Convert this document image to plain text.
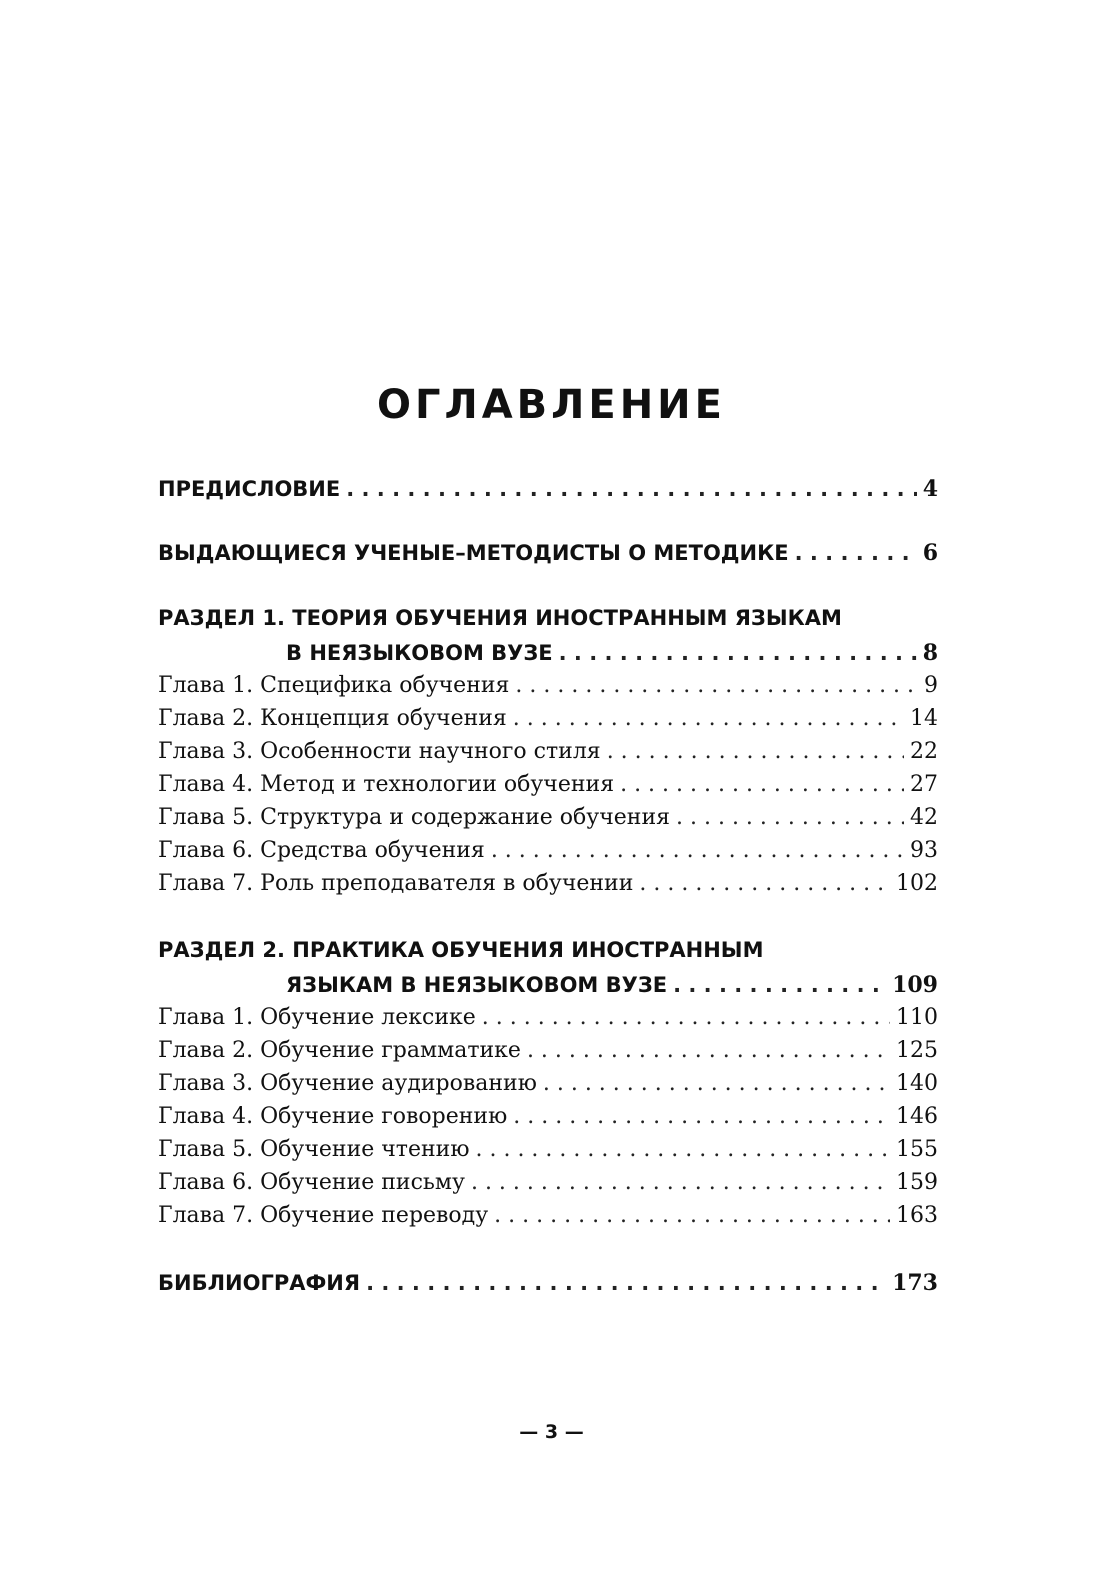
ОГЛАВЛЕНИЕ
ПРЕДИСЛОВИЕ . . .	4
ВЫДАЮЩИЕСЯ УЧЕНЫЕ–МЕТОДИСТЫ О МЕТОДИКЕ . . .	6
РАЗДЕЛ 1. ТЕОРИЯ ОБУЧЕНИЯ ИНОСТРАННЫМ ЯЗЫКАМ
В НЕЯЗЫКОВОМ ВУЗЕ . . .	8
Глава 1. Специфика обучения . . .	9
Глава 2. Концепция обучения . . .	14
Глава 3. Особенности научного стиля . . .	22
Глава 4. Метод и технологии обучения . . .	27
Глава 5. Структура и содержание обучения . . .	42
Глава 6. Средства обучения . . .	93
Глава 7. Роль преподавателя в обучении . . .	102
РАЗДЕЛ 2. ПРАКТИКА ОБУЧЕНИЯ ИНОСТРАННЫМ
ЯЗЫКАМ В НЕЯЗЫКОВОМ ВУЗЕ . . .	109
Глава 1. Обучение лексике . . .	110
Глава 2. Обучение грамматике . . .	125
Глава 3. Обучение аудированию . . .	140
Глава 4. Обучение говорению . . .	146
Глава 5. Обучение чтению . . .	155
Глава 6. Обучение письму . . .	159
Глава 7. Обучение переводу . . .	163
БИБЛИОГРАФИЯ . . .	173
— 3 —
